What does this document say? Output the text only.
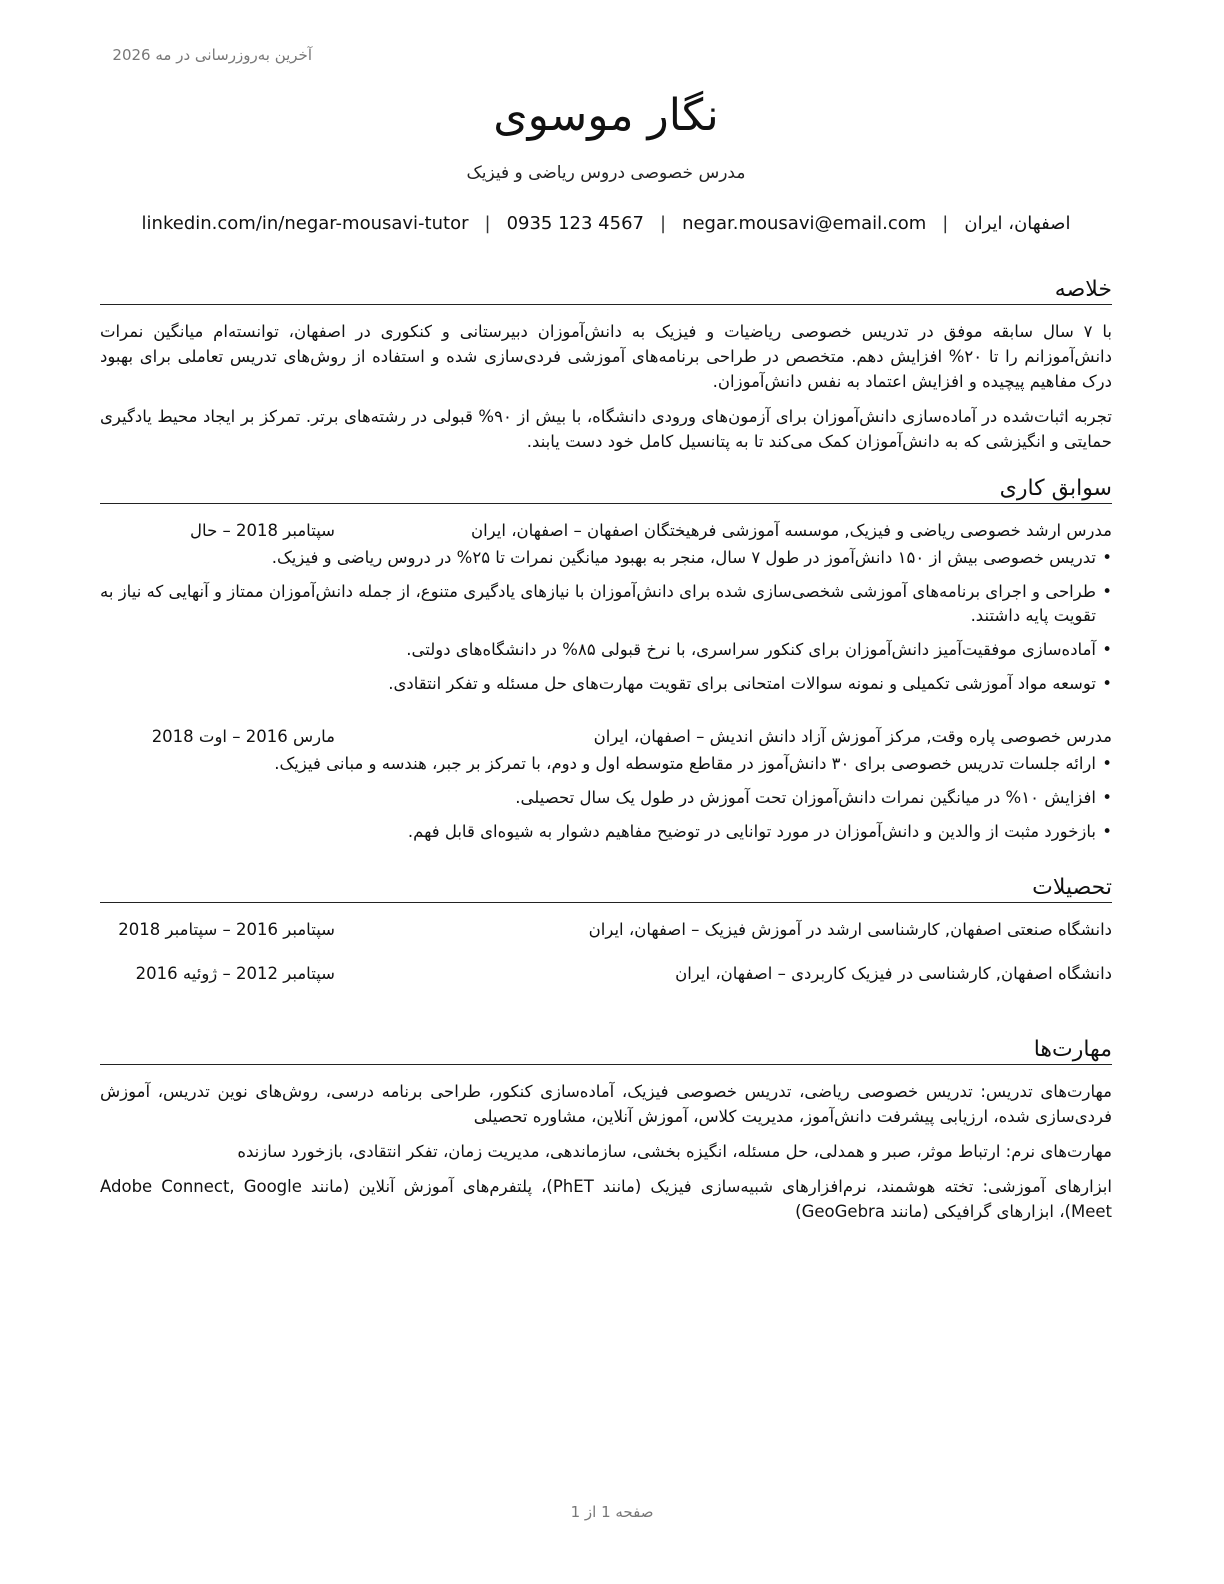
آخرین به‌روزرسانی در مه 2026
نگار موسوی
مدرس خصوصی دروس ریاضی و فیزیک
اصفهان، ایران
|
negar.mousavi@email.com
|
0935 123 4567
|
linkedin.com/in/negar-mousavi-tutor
خلاصه

با ۷ سال سابقه موفق در تدریس خصوصی ریاضیات و فیزیک به دانش‌آموزان دبیرستانی و کنکوری در اصفهان، توانسته‌ام میانگین نمرات دانش‌آموزانم را تا ۲۰% افزایش دهم. متخصص در طراحی برنامه‌های آموزشی فردی‌سازی شده و استفاده از روش‌های تدریس تعاملی برای بهبود درک مفاهیم پیچیده و افزایش اعتماد به نفس دانش‌آموزان.

تجربه اثبات‌شده در آماده‌سازی دانش‌آموزان برای آزمون‌های ورودی دانشگاه، با بیش از ۹۰% قبولی در رشته‌های برتر. تمرکز بر ایجاد محیط یادگیری حمایتی و انگیزشی که به دانش‌آموزان کمک می‌کند تا به پتانسیل کامل خود دست یابند.

سوابق کاری
مدرس ارشد خصوصی ریاضی و فیزیک, موسسه آموزشی فرهیختگان اصفهان – اصفهان، ایران
سپتامبر 2018 – حال
• تدریس خصوصی بیش از ۱۵۰ دانش‌آموز در طول ۷ سال، منجر به بهبود میانگین نمرات تا ۲۵% در دروس ریاضی و فیزیک.
• طراحی و اجرای برنامه‌های آموزشی شخصی‌سازی شده برای دانش‌آموزان با نیازهای یادگیری متنوع، از جمله دانش‌آموزان ممتاز و آنهایی که نیاز به تقویت پایه داشتند.
• آماده‌سازی موفقیت‌آمیز دانش‌آموزان برای کنکور سراسری، با نرخ قبولی ۸۵% در دانشگاه‌های دولتی.
• توسعه مواد آموزشی تکمیلی و نمونه سوالات امتحانی برای تقویت مهارت‌های حل مسئله و تفکر انتقادی.
مدرس خصوصی پاره وقت, مرکز آموزش آزاد دانش اندیش – اصفهان، ایران
مارس 2016 – اوت 2018
• ارائه جلسات تدریس خصوصی برای ۳۰ دانش‌آموز در مقاطع متوسطه اول و دوم، با تمرکز بر جبر، هندسه و مبانی فیزیک.
• افزایش ۱۰% در میانگین نمرات دانش‌آموزان تحت آموزش در طول یک سال تحصیلی.
• بازخورد مثبت از والدین و دانش‌آموزان در مورد توانایی در توضیح مفاهیم دشوار به شیوه‌ای قابل فهم.
تحصیلات
دانشگاه صنعتی اصفهان, کارشناسی ارشد در آموزش فیزیک – اصفهان، ایران
سپتامبر 2016 – سپتامبر 2018
دانشگاه اصفهان, کارشناسی در فیزیک کاربردی – اصفهان، ایران
سپتامبر 2012 – ژوئیه 2016
مهارت‌ها

مهارت‌های تدریس: تدریس خصوصی ریاضی، تدریس خصوصی فیزیک، آماده‌سازی کنکور، طراحی برنامه درسی، روش‌های نوین تدریس، آموزش فردی‌سازی شده، ارزیابی پیشرفت دانش‌آموز، مدیریت کلاس، آموزش آنلاین، مشاوره تحصیلی

مهارت‌های نرم: ارتباط موثر، صبر و همدلی، حل مسئله، انگیزه بخشی، سازماندهی، مدیریت زمان، تفکر انتقادی، بازخورد سازنده

ابزارهای آموزشی: تخته هوشمند، نرم‌افزارهای شبیه‌سازی فیزیک (مانند PhET)، پلتفرم‌های آموزش آنلاین (مانند Adobe Connect, Google Meet)، ابزارهای گرافیکی (مانند GeoGebra)

صفحه 1 از 1
